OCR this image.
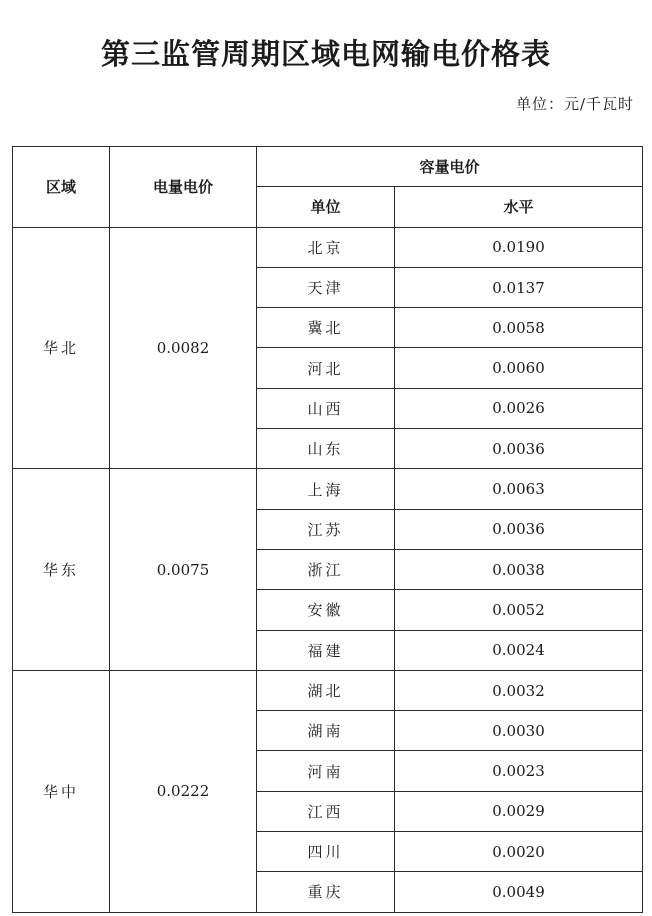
第三监管周期区域电网输电价格表
单位：元/千瓦时
区域	电量电价	容量电价	
		单位	水平
华北	0.0082	北京	0.0190
		天津	0.0137
		冀北	0.0058
		河北	0.0060
		山西	0.0026
		山东	0.0036
华东	0.0075	上海	0.0063
		江苏	0.0036
		浙江	0.0038
		安徽	0.0052
		福建	0.0024
华中	0.0222	湖北	0.0032
		湖南	0.0030
		河南	0.0023
		江西	0.0029
		四川	0.0020
		重庆	0.0049
